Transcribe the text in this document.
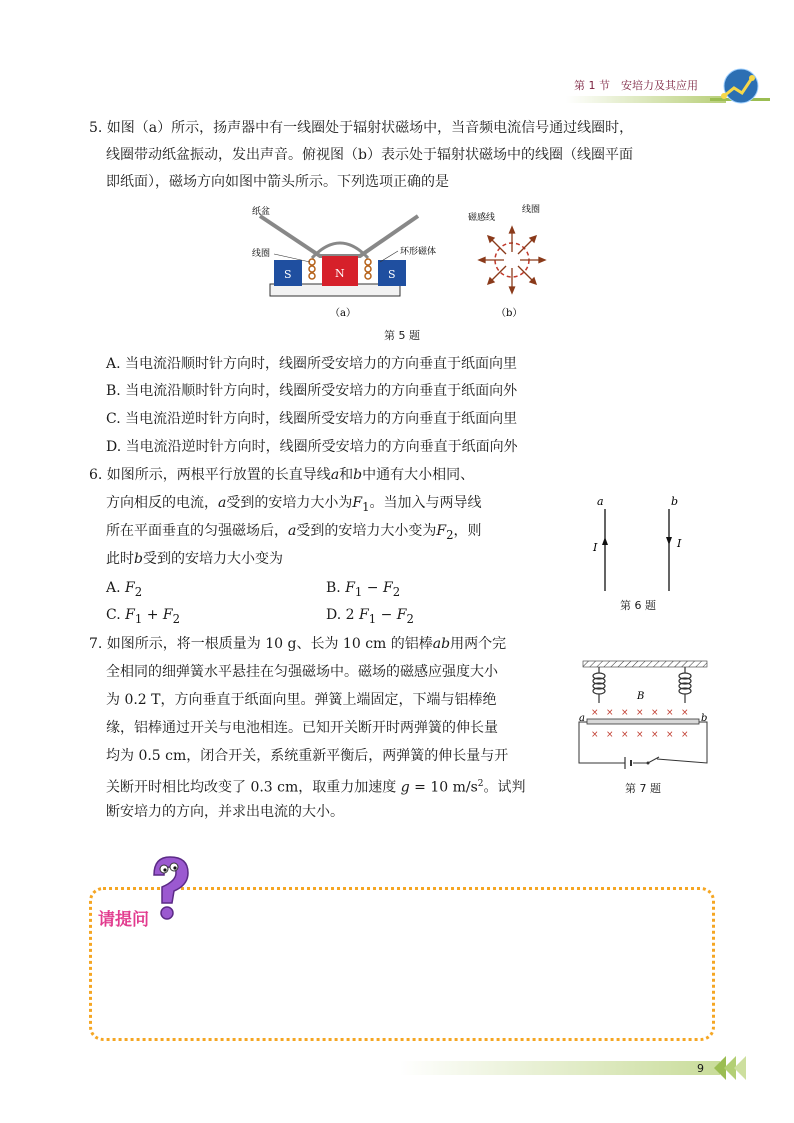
第 1 节　 安培力及其应用
5. 如图（a）所示，扬声器中有一线圈处于辐射状磁场中，当音频电流信号通过线圈时，
线圈带动纸盆振动，发出声音。俯视图（b）表示处于辐射状磁场中的线圈（线圈平面
即纸面），磁场方向如图中箭头所示。下列选项正确的是
S	N	S
纸盆
线圈	环形磁体
（a）
磁感线
线圈
（b）
第 5 题
A. 当电流沿顺时针方向时，线圈所受安培力的方向垂直于纸面向里
B. 当电流沿顺时针方向时，线圈所受安培力的方向垂直于纸面向外
C. 当电流沿逆时针方向时，线圈所受安培力的方向垂直于纸面向里
D. 当电流沿逆时针方向时，线圈所受安培力的方向垂直于纸面向外
6. 如图所示，两根平行放置的长直导线a和b中通有大小相同、
方向相反的电流，a受到的安培力大小为$F_1$。当加入与两导线
所在平面垂直的匀强磁场后，a受到的安培力大小变为$F_2$，则
此时b受到的安培力大小变为
A. $F_2$	B. $F_1 - F_2$
C. $F_1 + F_2$	D. 2 $F_1 - F_2$
a	b
I	I
第 6 题
7. 如图所示，将一根质量为 10 g、长为 10 cm 的铝棒ab用两个完
全相同的细弹簧水平悬挂在匀强磁场中。磁场的磁感应强度大小
为 0.2 T，方向垂直于纸面向里。弹簧上端固定，下端与铝棒绝
缘，铝棒通过开关与电池相连。已知开关断开时两弹簧的伸长量
均为 0.5 cm，闭合开关，系统重新平衡后，两弹簧的伸长量与开
关断开时相比均改变了 0.3 cm，取重力加速度 g = 10 $m/s^2$。试判
断安培力的方向，并求出电流的大小。
B
× × × × × × ×
× × × × × × ×
a	b
第 7 题
请提问
9
